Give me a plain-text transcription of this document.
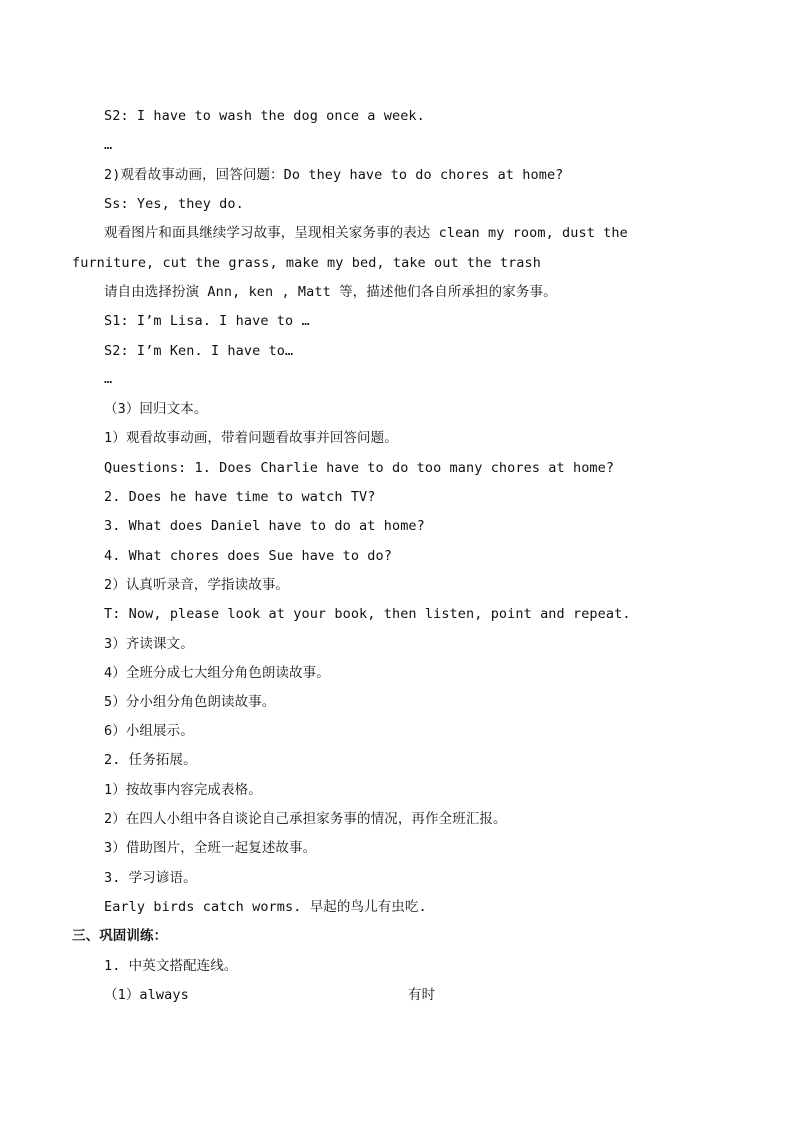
S2: I have to wash the dog once a week.
…
2)观看故事动画，回答问题：Do they have to do chores at home?
Ss: Yes, they do.
观看图片和面具继续学习故事，呈现相关家务事的表达 clean my room, dust the
furniture, cut the grass, make my bed, take out the trash
请自由选择扮演 Ann, ken , Matt 等，描述他们各自所承担的家务事。
S1: I’m Lisa. I have to …
S2: I’m Ken. I have to…
…
（3）回归文本。
1）观看故事动画，带着问题看故事并回答问题。
Questions: 1. Does Charlie have to do too many chores at home?
2. Does he have time to watch TV?
3. What does Daniel have to do at home?
4. What chores does Sue have to do?
2）认真听录音，学指读故事。
T: Now, please look at your book, then listen, point and repeat.
3）齐读课文。
4）全班分成七大组分角色朗读故事。
5）分小组分角色朗读故事。
6）小组展示。
2. 任务拓展。
1）按故事内容完成表格。
2）在四人小组中各自谈论自己承担家务事的情况，再作全班汇报。
3）借助图片，全班一起复述故事。
3. 学习谚语。
Early birds catch worms. 早起的鸟儿有虫吃.
三、巩固训练：
1. 中英文搭配连线。
（1）always	有时
